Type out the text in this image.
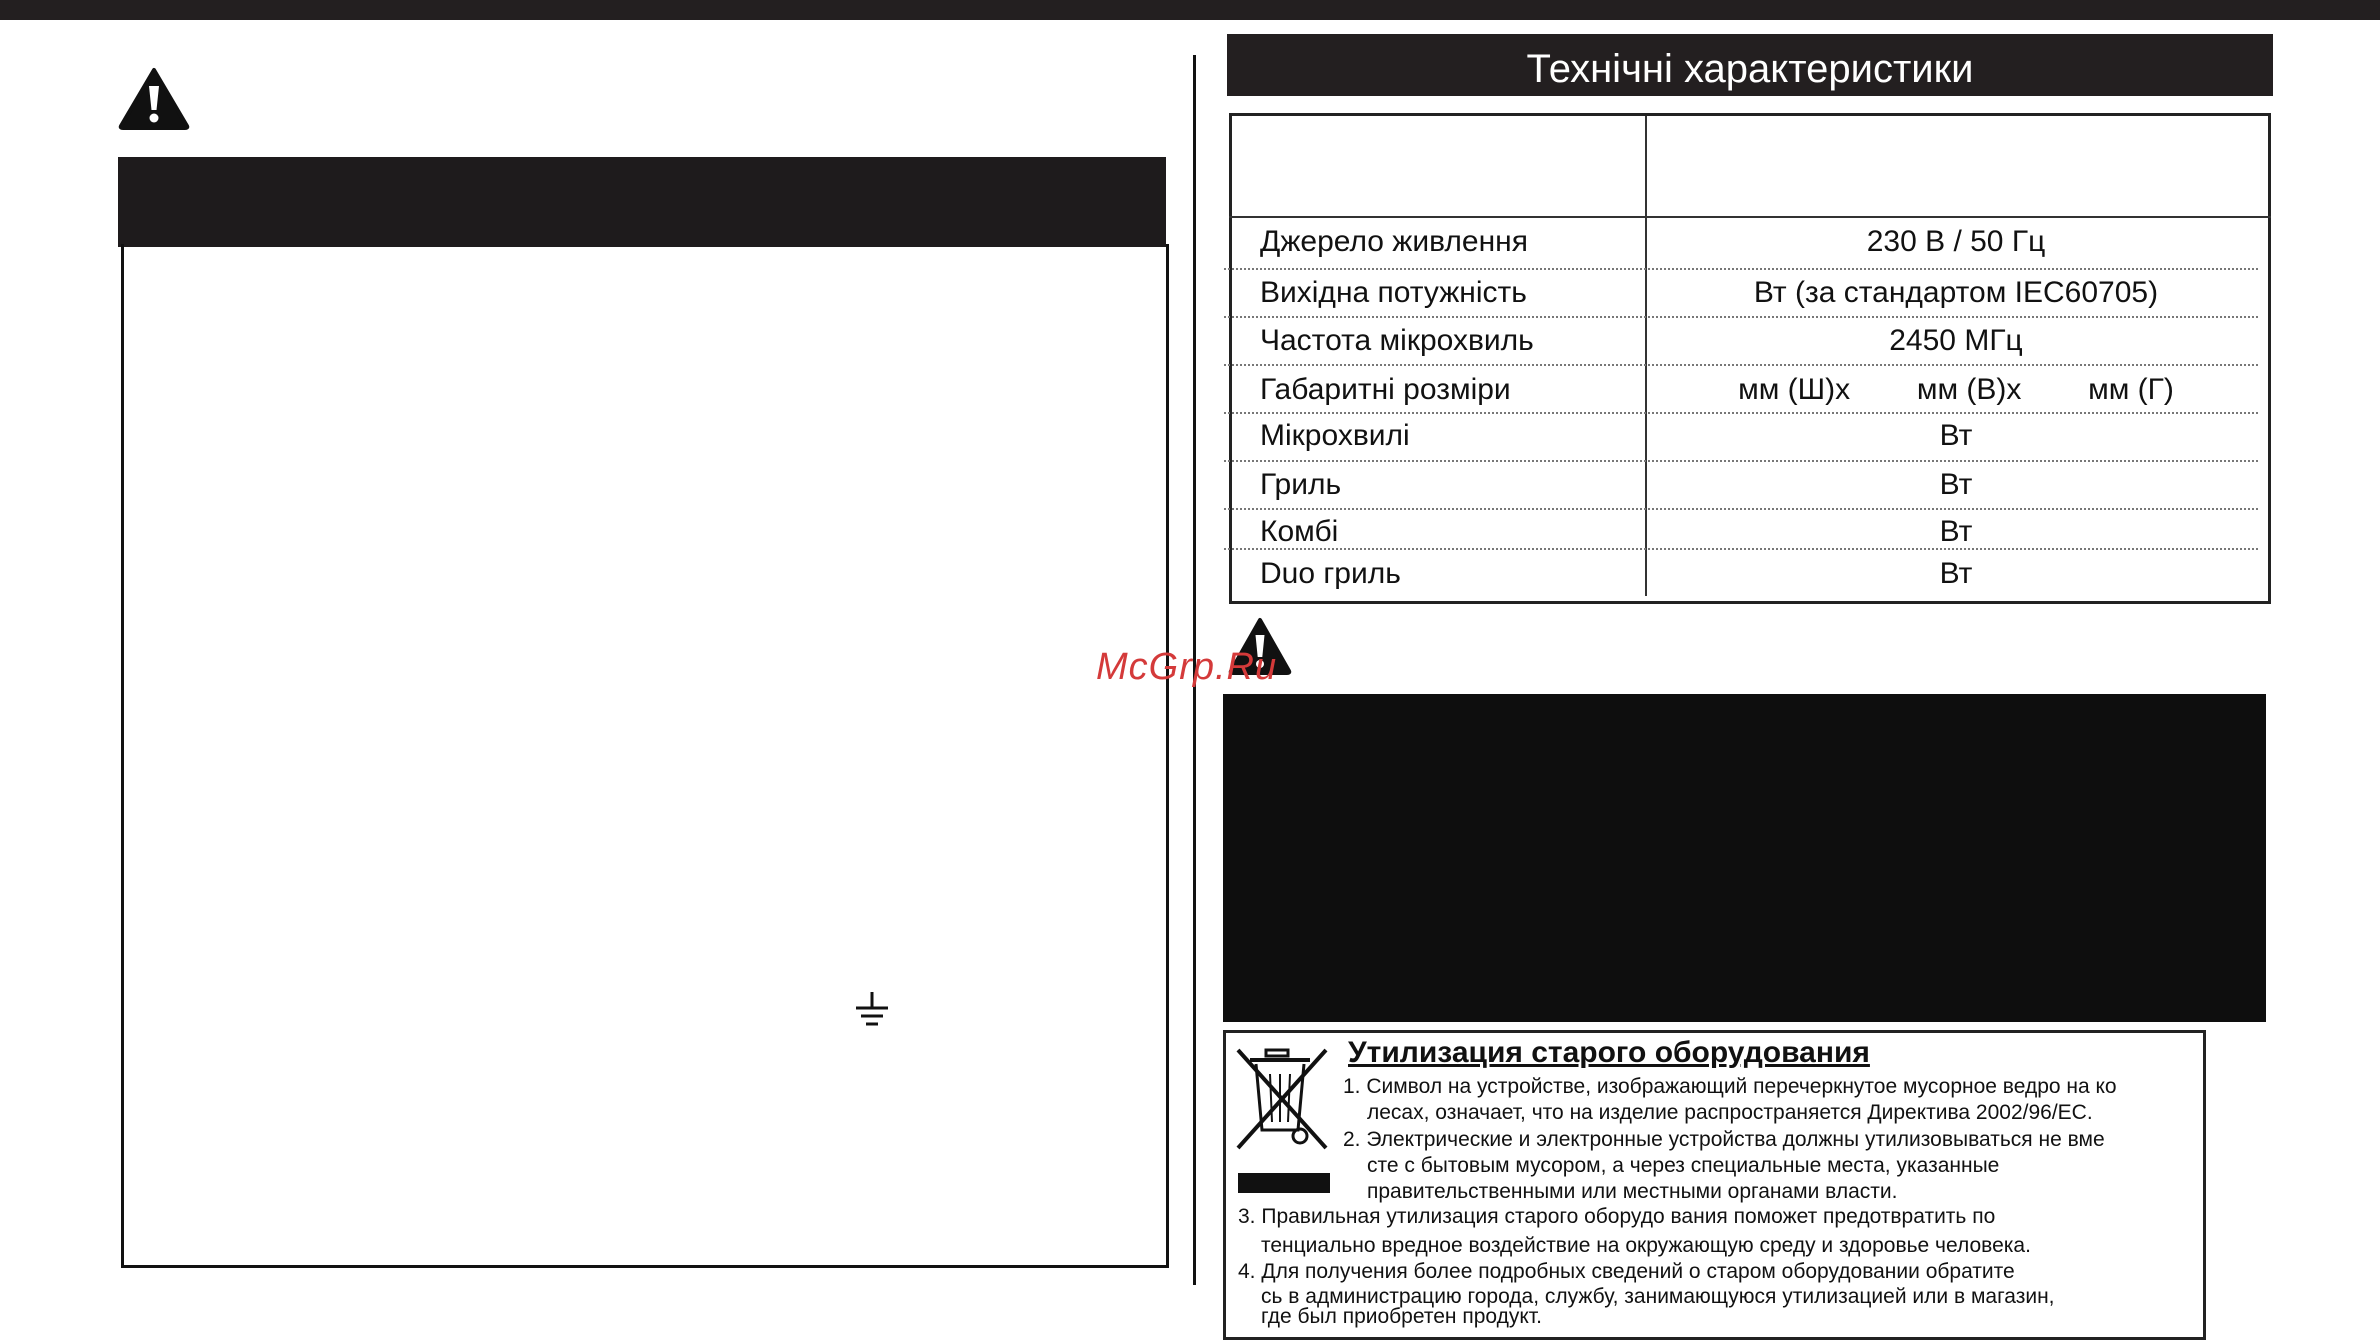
Технічні характеристики
Джерело живлення	230 В / 50 Гц
Вихідна потужність	Вт (за стандартом IEC60705)
Частота мікрохвиль	2450 МГц
Габаритні розміри	мм (Ш)х        мм (В)х        мм (Г)
Мікрохвилі	Вт
Гриль	Вт
Комбі	Вт
Duo гриль	Вт
McGrp.Ru
Утилизация старого оборудования
1. Символ на устройстве, изображающий перечеркнутое мусорное ведро на ко
лесах, означает, что на изделие распространяется Директива 2002/96/EC.
2. Электрические и электронные устройства должны утилизовываться не вме
сте с бытовым мусором, а через специальные места, указанные
правительственными или местными органами власти.
3. Правильная утилизация старого оборудо вания поможет предотвратить по
тенциально вредное воздействие на окружающую среду и здоровье человека.
4. Для получения более подробных сведений о старом оборудовании обратите
сь в администрацию города, службу, занимающуюся утилизацией или в магазин,
где был приобретен продукт.
